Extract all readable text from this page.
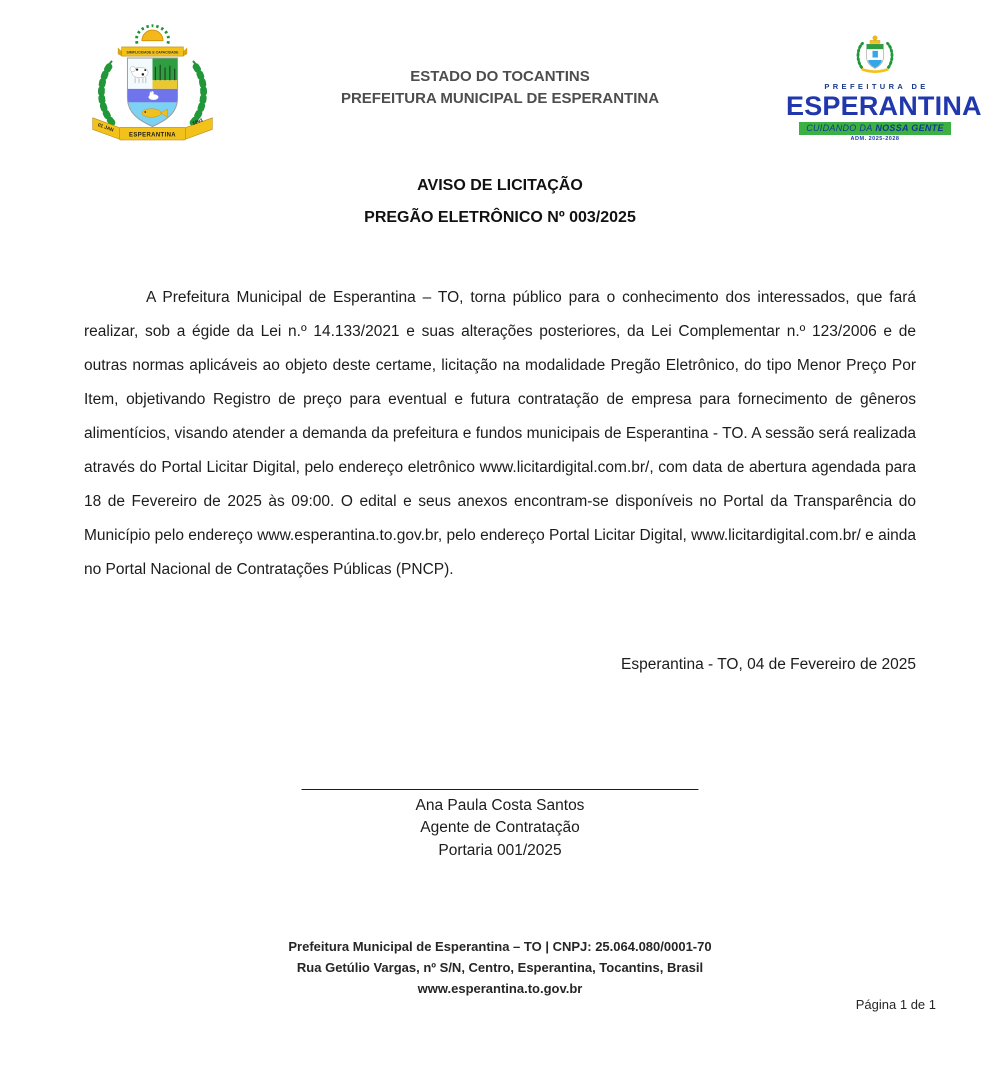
SIMPLICIDADE E CAPACIDADE
01 JAN
ESPERANTINA
1993
ESTADO DO TOCANTINS
PREFEITURA MUNICIPAL DE ESPERANTINA
PREFEITURA DE
ESPERANTINA
CUIDANDO DA NOSSA GENTE
ADM. 2025-2028
AVISO DE LICITAÇÃO
PREGÃO ELETRÔNICO Nº 003/2025
A Prefeitura Municipal de Esperantina – TO, torna público para o conhecimento dos interessados, que fará realizar, sob a égide da Lei n.º 14.133/2021 e suas alterações posteriores, da Lei Complementar n.º 123/2006 e de outras normas aplicáveis ao objeto deste certame, licitação na modalidade Pregão Eletrônico, do tipo Menor Preço Por Item, objetivando Registro de preço para eventual e futura contratação de empresa para fornecimento de gêneros alimentícios, visando atender a demanda da prefeitura e fundos municipais de Esperantina - TO. A sessão será realizada através do Portal Licitar Digital, pelo endereço eletrônico www.licitardigital.com.br/, com data de abertura agendada para 18 de Fevereiro de 2025 às 09:00. O edital e seus anexos encontram-se disponíveis no Portal da Transparência do Município pelo endereço www.esperantina.to.gov.br, pelo endereço Portal Licitar Digital, www.licitardigital.com.br/ e ainda no Portal Nacional de Contratações Públicas (PNCP).
Esperantina - TO, 04 de Fevereiro de 2025
______________________________________________
Ana Paula Costa Santos
Agente de Contratação
Portaria 001/2025
Prefeitura Municipal de Esperantina – TO | CNPJ: 25.064.080/0001-70
Rua Getúlio Vargas, nº S/N, Centro, Esperantina, Tocantins, Brasil
www.esperantina.to.gov.br
Página 1 de 1
